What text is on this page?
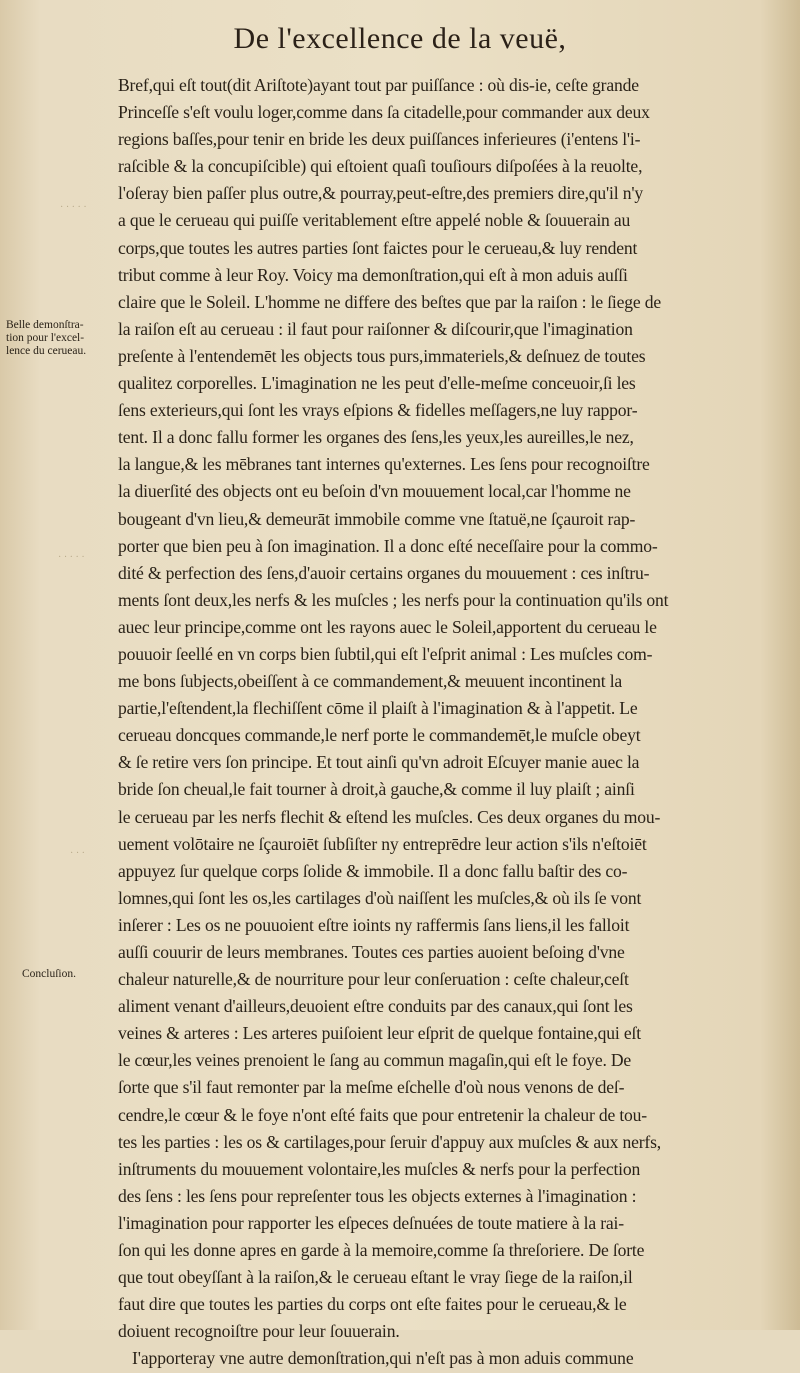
De l'excellence de la veuë,
Belle demonſtra-
tion pour l'excel-
lence du cerueau.
Concluſion.
· · · · ·
· · · · ·
· · ·
Bref,qui eſt tout(dit Ariſtote)ayant tout par puiſſance : où dis-ie, ceſte grande
Princeſſe s'eſt voulu loger,comme dans ſa citadelle,pour commander aux deux
regions baſſes,pour tenir en bride les deux puiſſances inferieures (i'entens l'i-
raſcible & la concupiſcible) qui eſtoient quaſi touſiours diſpoſées à la reuolte,
l'oſeray bien paſſer plus outre,& pourray,peut-eſtre,des premiers dire,qu'il n'y
a que le cerueau qui puiſſe veritablement eſtre appelé noble & ſouuerain au
corps,que toutes les autres parties ſont faictes pour le cerueau,& luy rendent
tribut comme à leur Roy. Voicy ma demonſtration,qui eſt à mon aduis auſſi
claire que le Soleil. L'homme ne differe des beſtes que par la raiſon : le ſiege de
la raiſon eſt au cerueau : il faut pour raiſonner & diſcourir,que l'imagination
preſente à l'entendemēt les objects tous purs,immateriels,& deſnuez de toutes
qualitez corporelles. L'imagination ne les peut d'elle-meſme conceuoir,ſi les
ſens exterieurs,qui ſont les vrays eſpions & fidelles meſſagers,ne luy rappor-
tent. Il a donc fallu former les organes des ſens,les yeux,les aureilles,le nez,
la langue,& les mēbranes tant internes qu'externes. Les ſens pour recognoiſtre
la diuerſité des objects ont eu beſoin d'vn mouuement local,car l'homme ne
bougeant d'vn lieu,& demeurāt immobile comme vne ſtatuë,ne ſçauroit rap-
porter que bien peu à ſon imagination. Il a donc eſté neceſſaire pour la commo-
dité & perfection des ſens,d'auoir certains organes du mouuement : ces inſtru-
ments ſont deux,les nerfs & les muſcles ; les nerfs pour la continuation qu'ils ont
auec leur principe,comme ont les rayons auec le Soleil,apportent du cerueau le
pouuoir ſeellé en vn corps bien ſubtil,qui eſt l'eſprit animal : Les muſcles com-
me bons ſubjects,obeiſſent à ce commandement,& meuuent incontinent la
partie,l'eſtendent,la flechiſſent cōme il plaiſt à l'imagination & à l'appetit. Le
cerueau doncques commande,le nerf porte le commandemēt,le muſcle obeyt
& ſe retire vers ſon principe. Et tout ainſi qu'vn adroit Eſcuyer manie auec la
bride ſon cheual,le fait tourner à droit,à gauche,& comme il luy plaiſt ; ainſi
le cerueau par les nerfs flechit & eſtend les muſcles. Ces deux organes du mou-
uement volōtaire ne ſçauroiēt ſubſiſter ny entreprēdre leur action s'ils n'eſtoiēt
appuyez ſur quelque corps ſolide & immobile. Il a donc fallu baſtir des co-
lomnes,qui ſont les os,les cartilages d'où naiſſent les muſcles,& où ils ſe vont
inſerer : Les os ne pouuoient eſtre ioints ny raffermis ſans liens,il les falloit
auſſi couurir de leurs membranes. Toutes ces parties auoient beſoing d'vne
chaleur naturelle,& de nourriture pour leur conſeruation : ceſte chaleur,ceſt
aliment venant d'ailleurs,deuoient eſtre conduits par des canaux,qui ſont les
veines & arteres : Les arteres puiſoient leur eſprit de quelque fontaine,qui eſt
le cœur,les veines prenoient le ſang au commun magaſin,qui eſt le foye. De
ſorte que s'il faut remonter par la meſme eſchelle d'où nous venons de deſ-
cendre,le cœur & le foye n'ont eſté faits que pour entretenir la chaleur de tou-
tes les parties : les os & cartilages,pour ſeruir d'appuy aux muſcles & aux nerfs,
inſtruments du mouuement volontaire,les muſcles & nerfs pour la perfection
des ſens : les ſens pour repreſenter tous les objects externes à l'imagination :
l'imagination pour rapporter les eſpeces deſnuées de toute matiere à la rai-
ſon qui les donne apres en garde à la memoire,comme ſa threſoriere. De ſorte
que tout obeyſſant à la raiſon,& le cerueau eſtant le vray ſiege de la raiſon,il
faut dire que toutes les parties du corps ont eſte faites pour le cerueau,& le
doiuent recognoiſtre pour leur ſouuerain.
I'apporteray vne autre demonſtration,qui n'eſt pas à mon aduis commune
